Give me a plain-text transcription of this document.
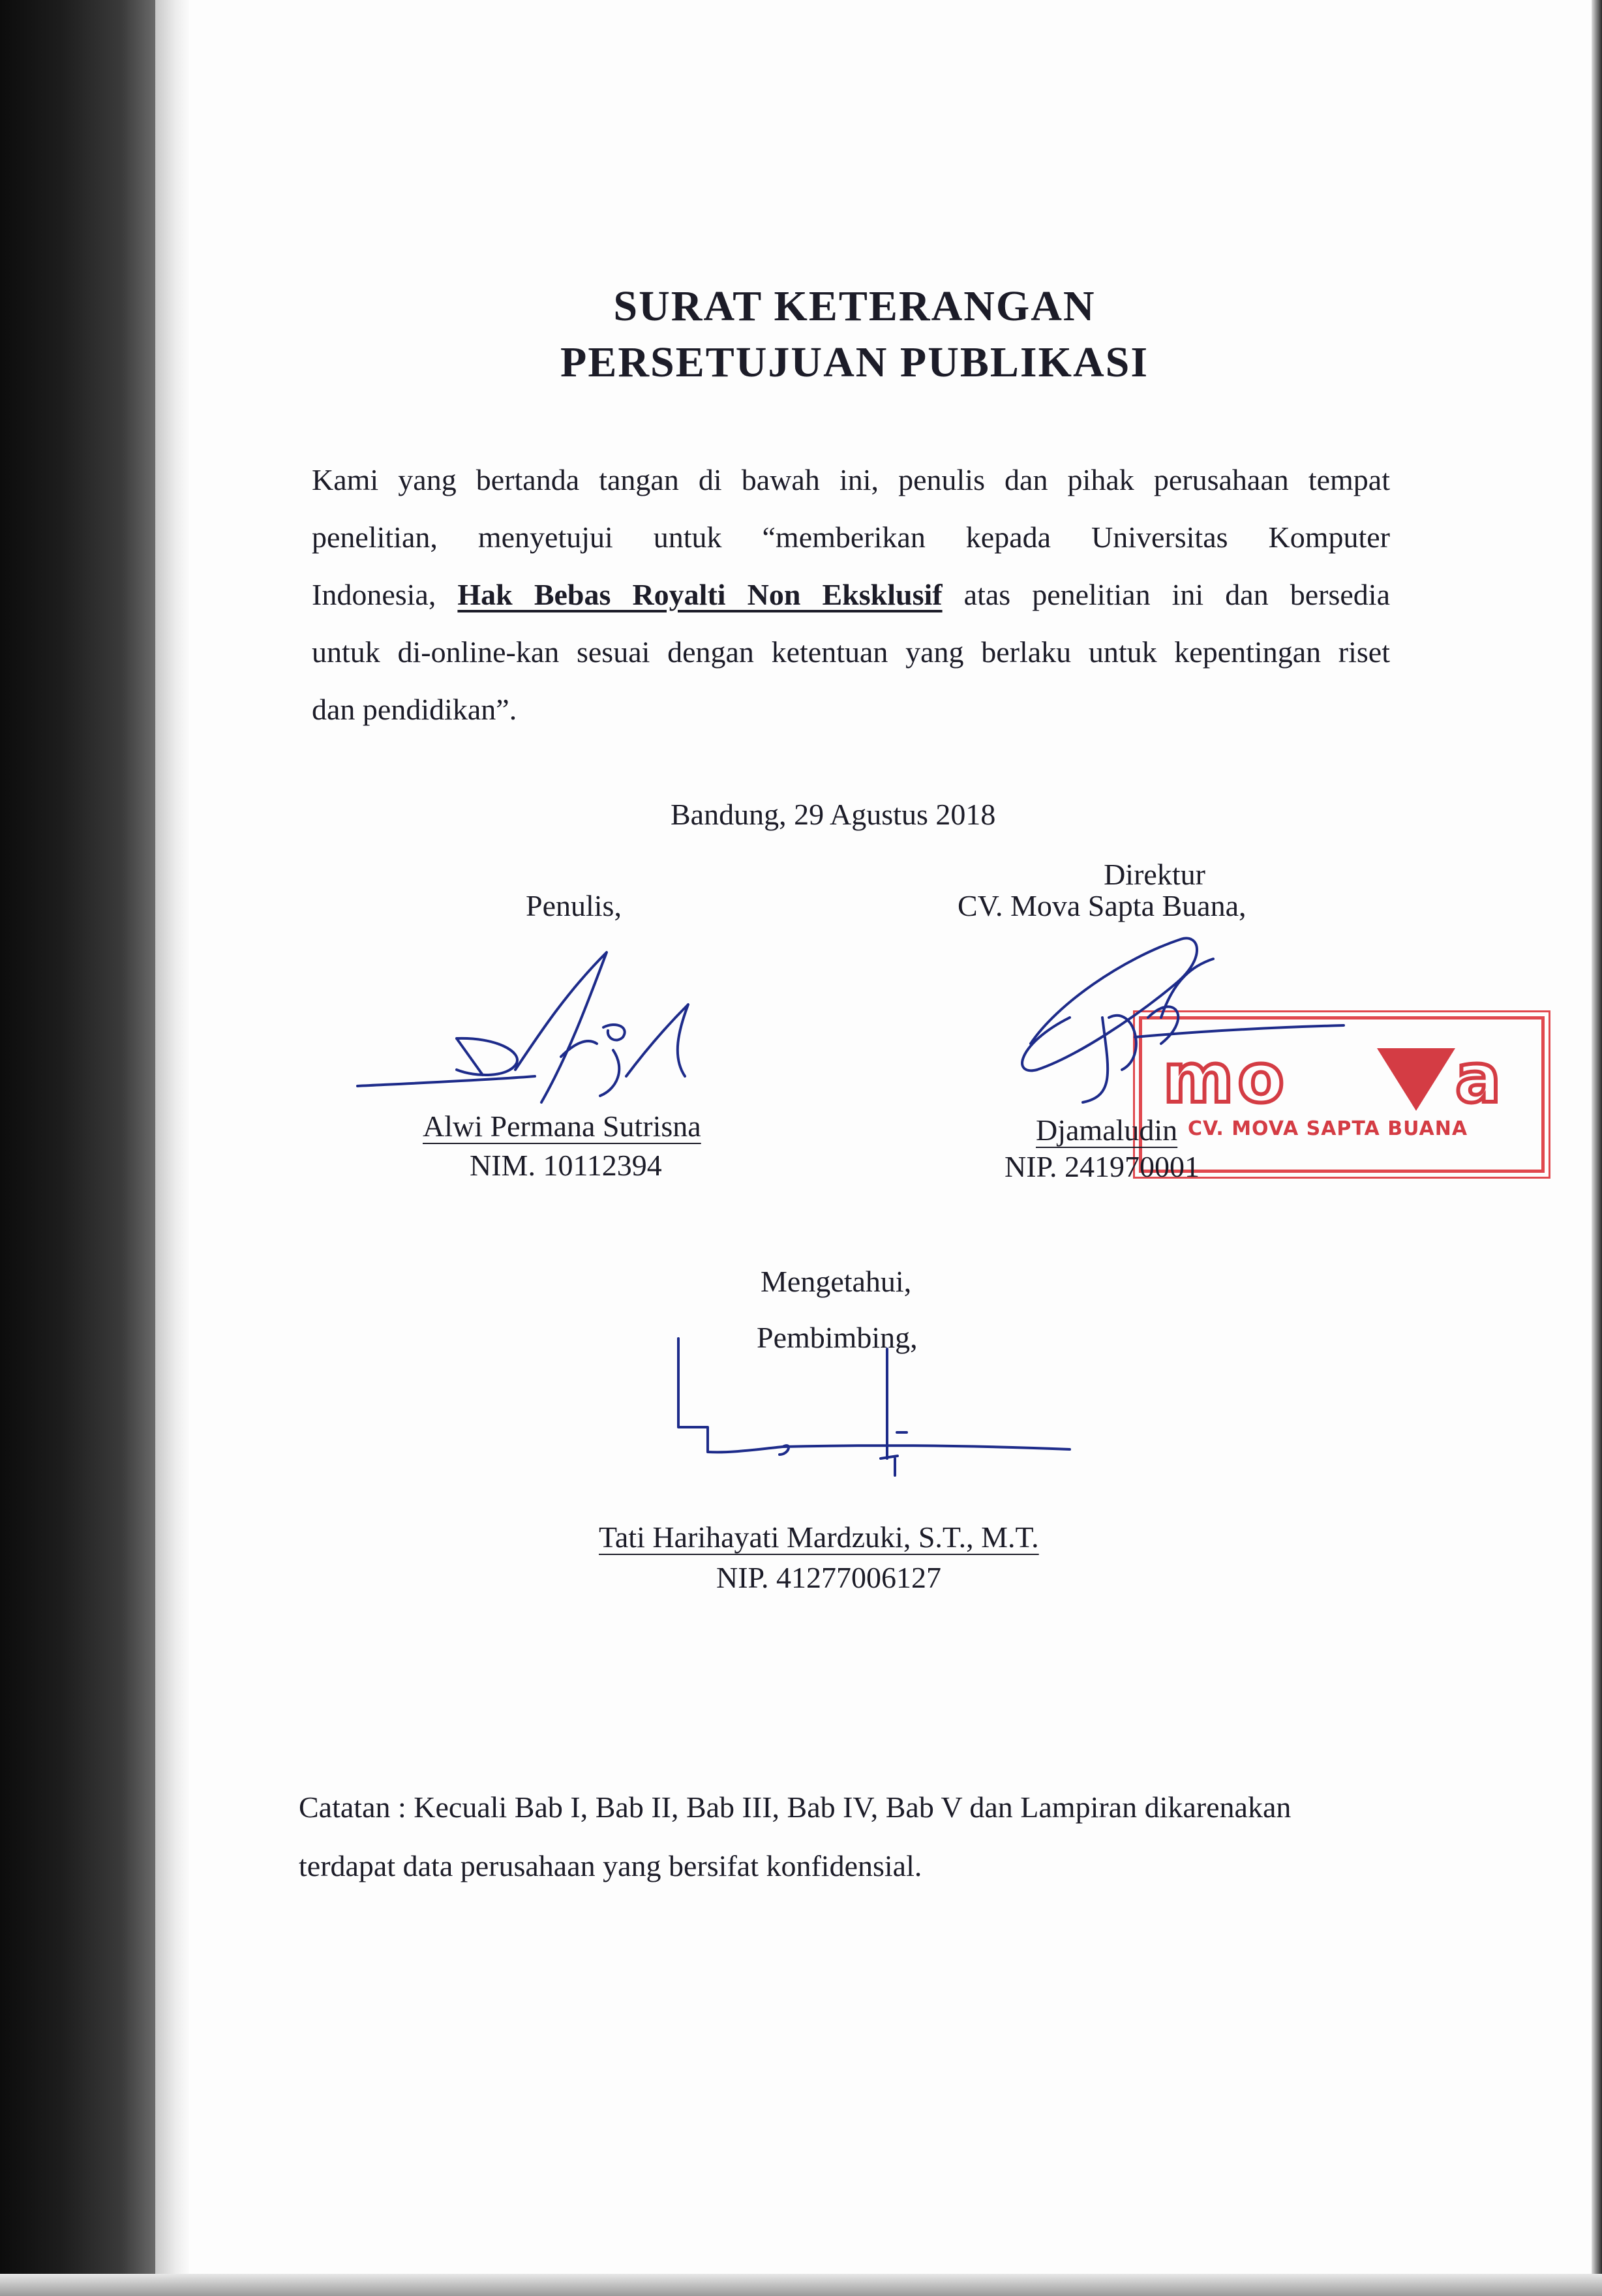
SURAT KETERANGAN
PERSETUJUAN PUBLIKASI
Kami yang bertanda tangan di bawah ini, penulis dan pihak perusahaan tempat
penelitian, menyetujui untuk “memberikan kepada Universitas Komputer
Indonesia, Hak Bebas Royalti Non Eksklusif atas penelitian ini dan bersedia
untuk di-online-kan sesuai dengan ketentuan yang berlaku untuk kepentingan riset
dan pendidikan”.
Bandung, 29 Agustus 2018
Direktur
CV. Mova Sapta Buana,
Penulis,
mo a
CV. MOVA SAPTA BUANA
Alwi Permana Sutrisna
NIM. 10112394
Djamaludin
NIP. 241970001
Mengetahui,
Pembimbing,
Tati Harihayati Mardzuki, S.T., M.T.
NIP. 41277006127
Catatan : Kecuali Bab I, Bab II, Bab III, Bab IV, Bab V dan Lampiran dikarenakan
terdapat data perusahaan yang bersifat konfidensial.
